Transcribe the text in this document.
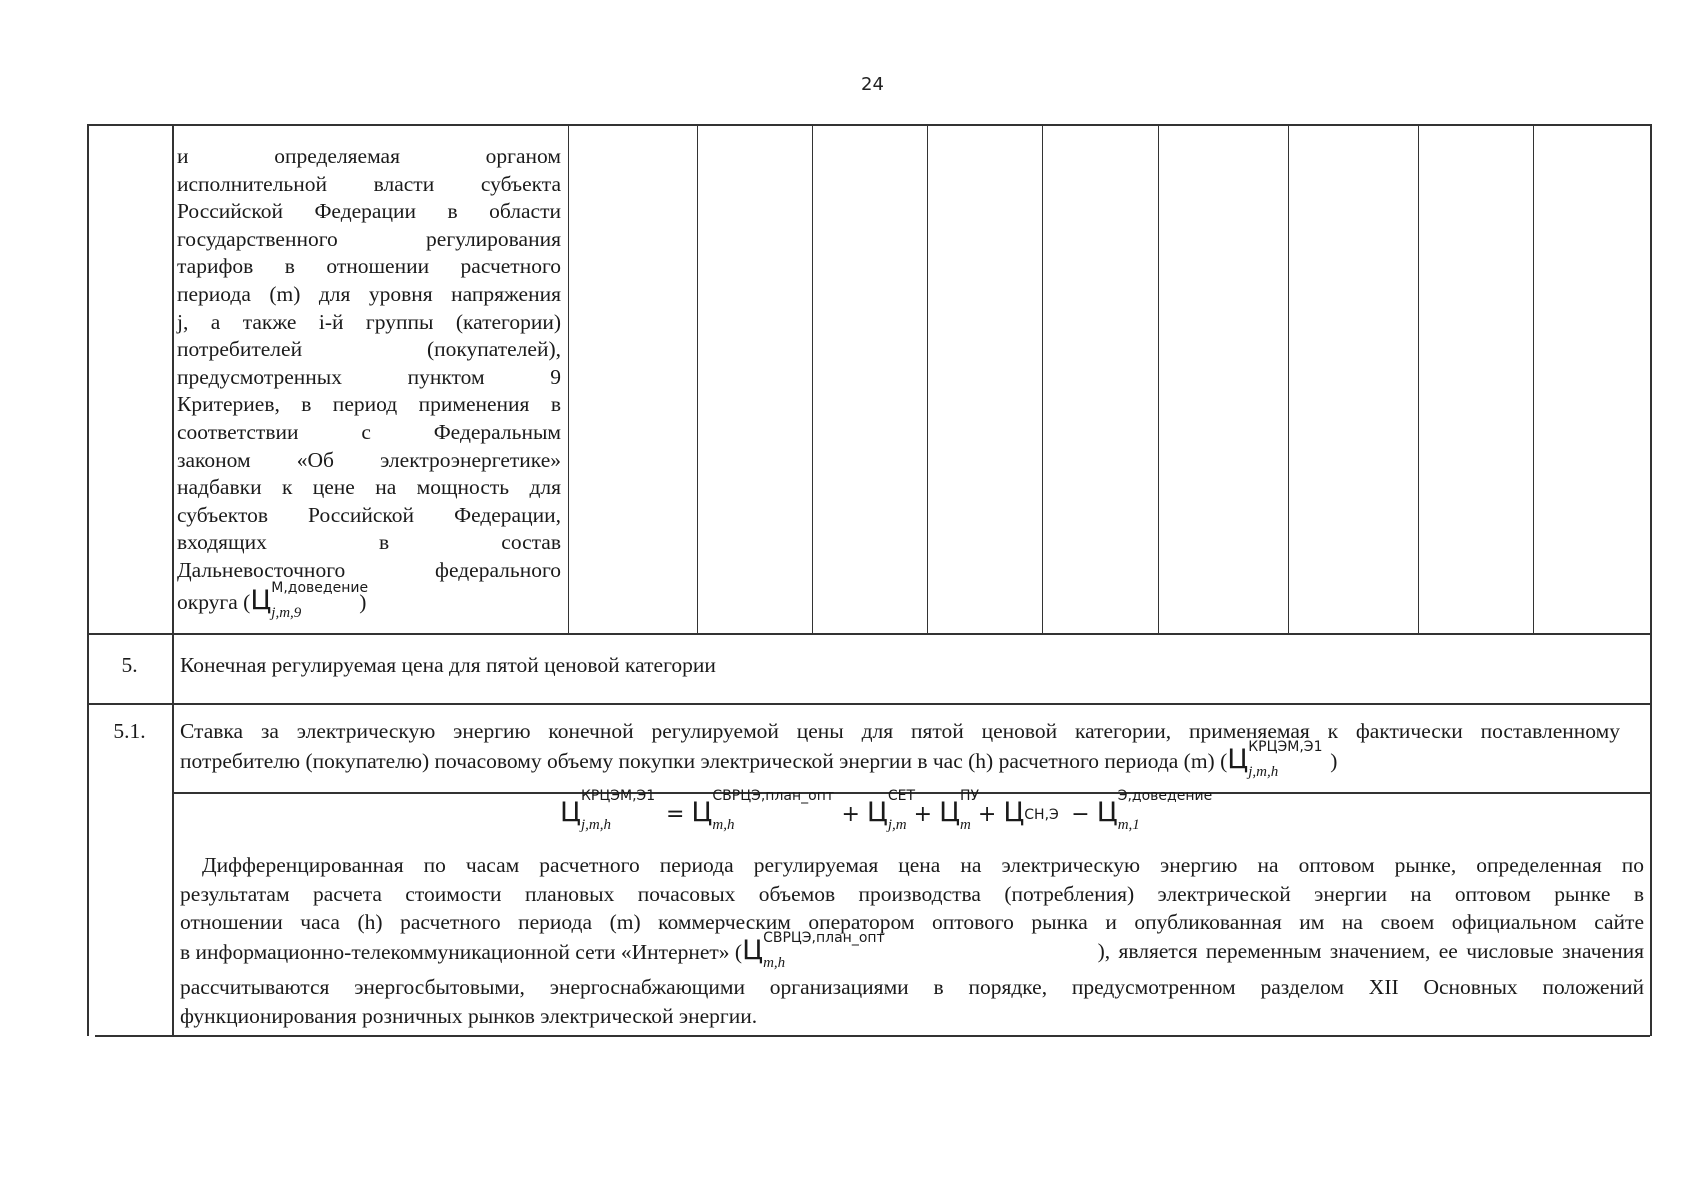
24
и определяемая органом
исполнительной власти субъекта
Российской Федерации в области
государственного регулирования
тарифов в отношении расчетного
периода (m) для уровня напряжения
j, а также i-й группы (категории)
потребителей (покупателей),
предусмотренных пунктом 9
Критериев, в период применения в
соответствии с Федеральным
законом «Об электроэнергетике»
надбавки к цене на мощность для
субъектов Российской Федерации,
входящих в состав
Дальневосточного федерального
округа (Ц М,доведение
$_{j,m,9}$	)
5.	Конечная регулируемая цена для пятой ценовой категории
5.1.	Ставка за электрическую энергию конечной регулируемой цены для пятой ценовой категории, применяемая к фактически поставленному
потребителю (покупателю) почасовому объему покупки электрической энергии в час (h) расчетного периода (m) (Ц КРЦЭМ,Э1
$_{j,m,h}$ )
Ц
КРЦЭМ,Э1
$_{j,m,h}$	= Ц
СВРЦЭ,план_опт
$_{m,h}$	+ Ц
СЕТ
$_{j,m}$ + Ц
ПУ
$_m$ + Ц СН,Э − Ц
Э,доведение
$_{m,1}$
Дифференцированная по часам расчетного периода регулируемая цена на электрическую энергию на оптовом рынке, определенная по
результатам расчета стоимости плановых почасовых объемов производства (потребления) электрической энергии на оптовом рынке в
отношении часа (h) расчетного периода (m) коммерческим оператором оптового рынка и опубликованная им на своем официальном сайте
в информационно-телекоммуникационной сети «Интернет» (Ц СВРЦЭ,план_опт
$_{m,h}$	), является переменным значением, ее числовые значения
рассчитываются энергосбытовыми, энергоснабжающими организациями в порядке, предусмотренном разделом XII Основных положений
функционирования розничных рынков электрической энергии.
